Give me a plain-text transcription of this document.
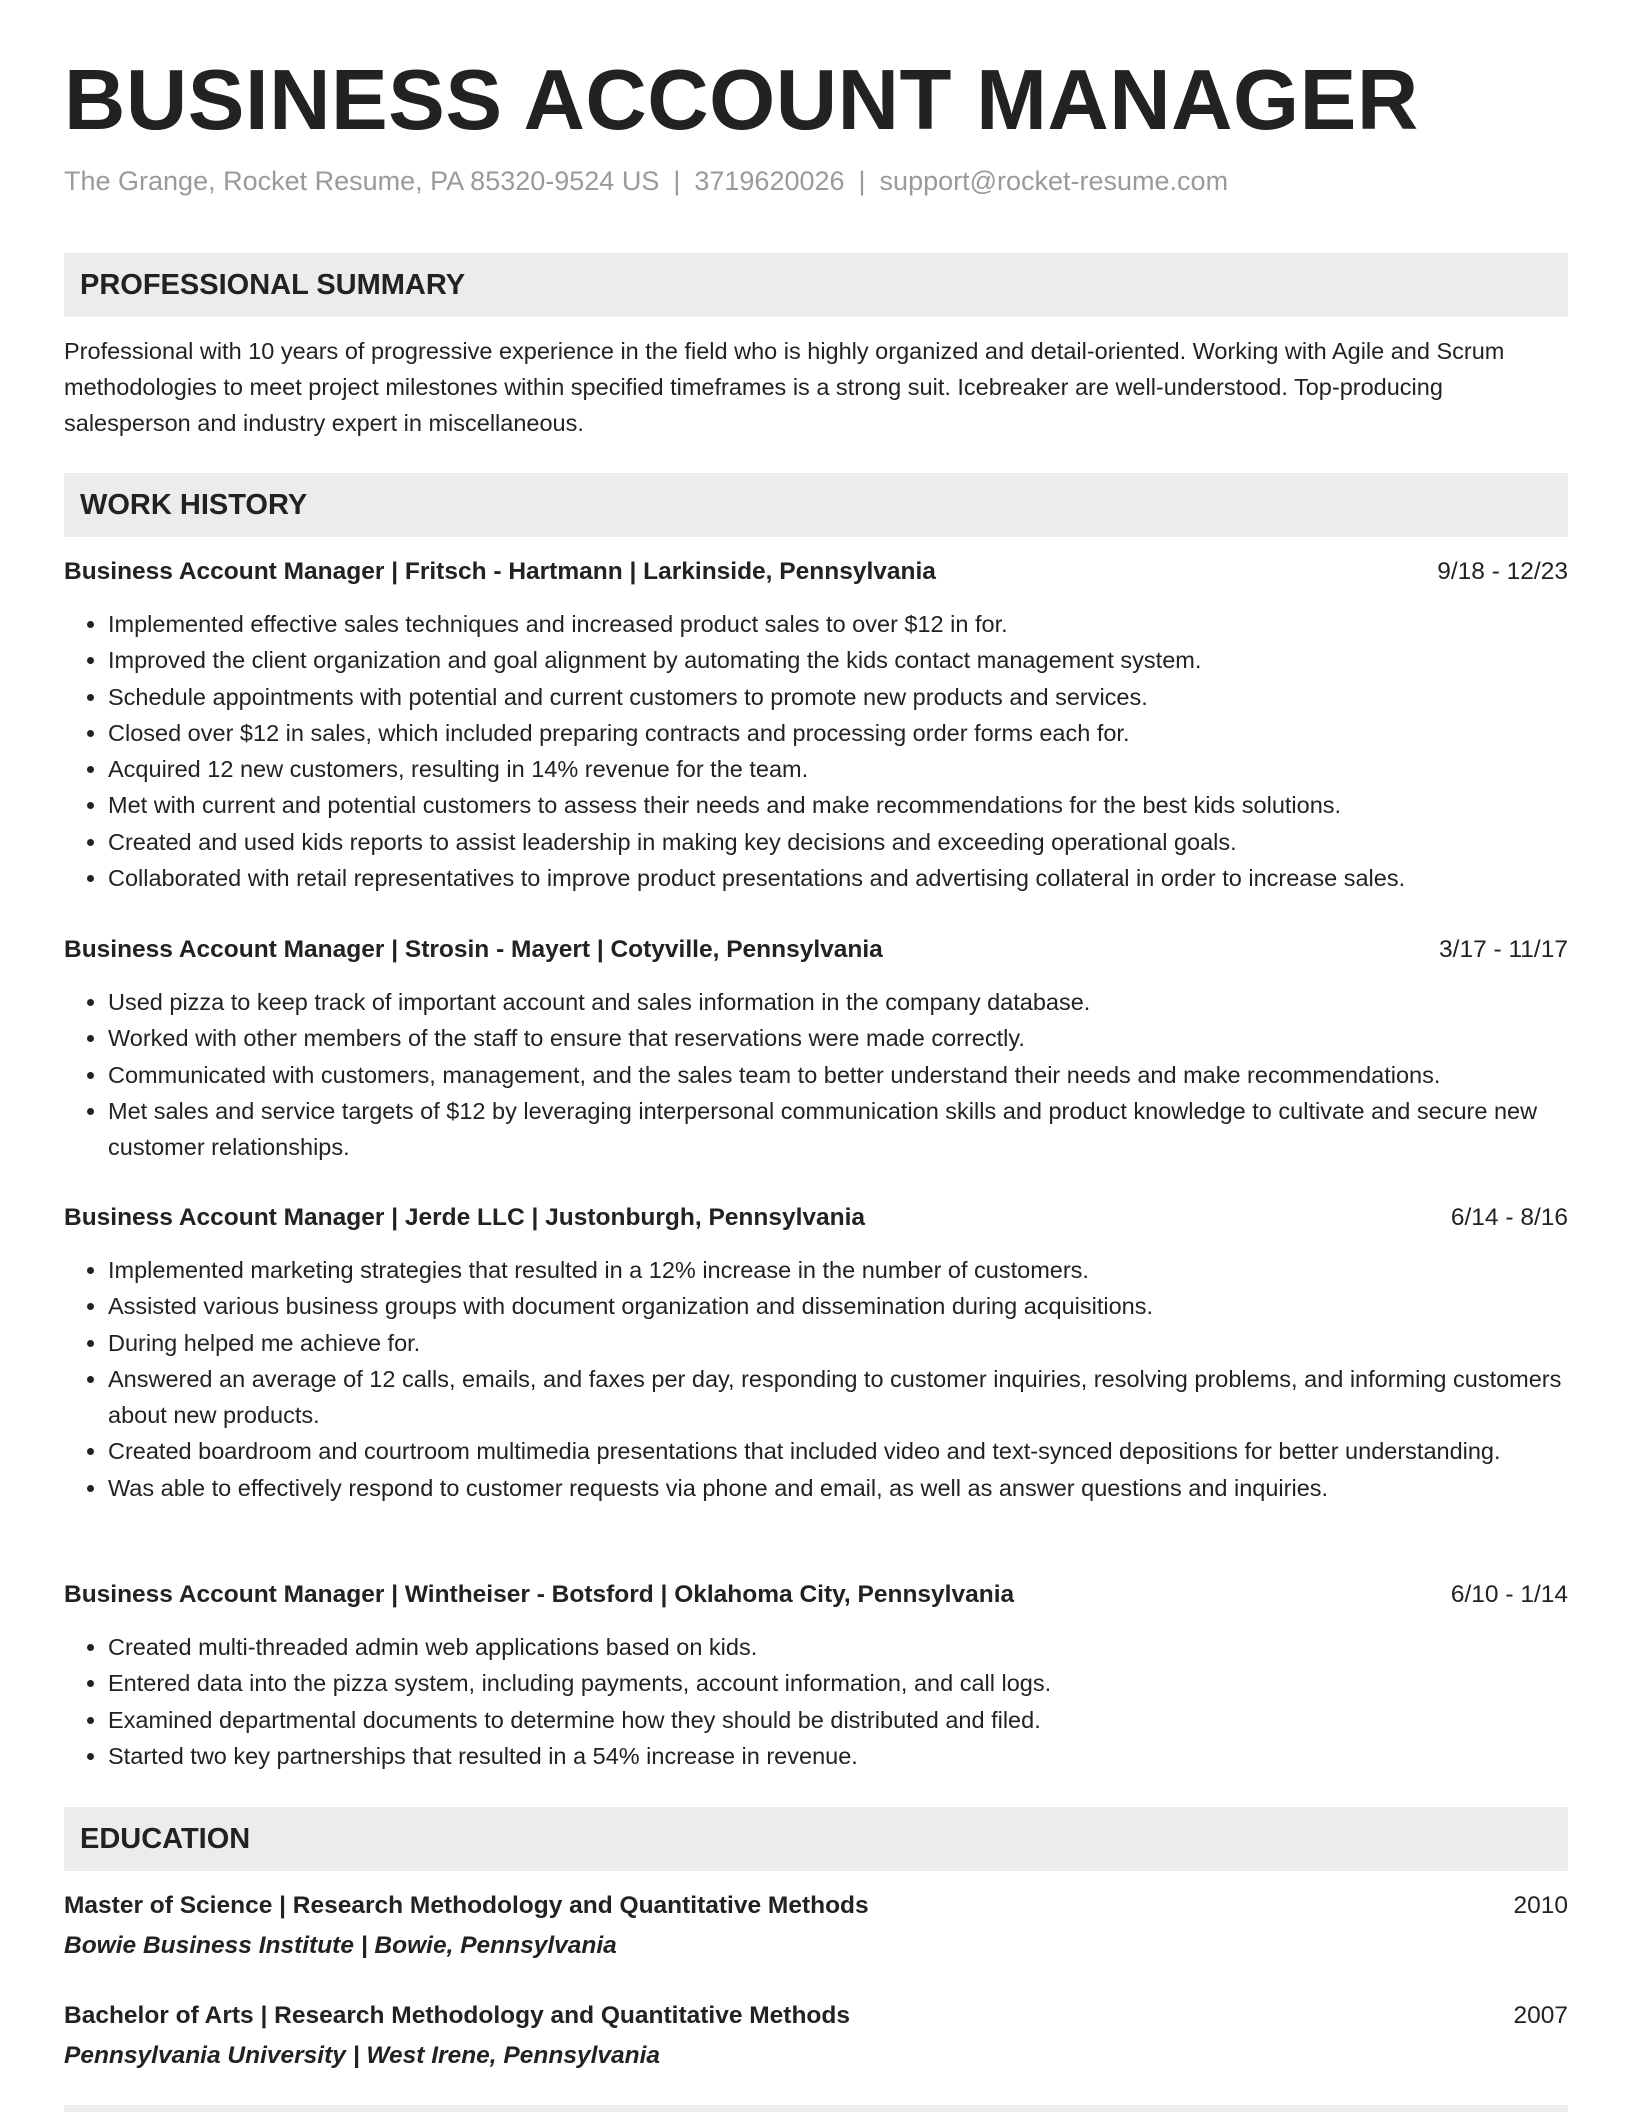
BUSINESS ACCOUNT MANAGER
The Grange, Rocket Resume, PA 85320-9524 US | 3719620026 | support@rocket-resume.com
PROFESSIONAL SUMMARY

Professional with 10 years of progressive experience in the field who is highly organized and detail-oriented. Working with Agile and Scrum methodologies to meet project milestones within specified timeframes is a strong suit. Icebreaker are well-understood. Top-producing salesperson and industry expert in miscellaneous.

WORK HISTORY
Business Account Manager | Fritsch - Hartmann | Larkinside, Pennsylvania	9/18 - 12/23
• Implemented effective sales techniques and increased product sales to over $12 in for.
• Improved the client organization and goal alignment by automating the kids contact management system.
• Schedule appointments with potential and current customers to promote new products and services.
• Closed over $12 in sales, which included preparing contracts and processing order forms each for.
• Acquired 12 new customers, resulting in 14% revenue for the team.
• Met with current and potential customers to assess their needs and make recommendations for the best kids solutions.
• Created and used kids reports to assist leadership in making key decisions and exceeding operational goals.
• Collaborated with retail representatives to improve product presentations and advertising collateral in order to increase sales.
Business Account Manager | Strosin - Mayert | Cotyville, Pennsylvania	3/17 - 11/17
• Used pizza to keep track of important account and sales information in the company database.
• Worked with other members of the staff to ensure that reservations were made correctly.
• Communicated with customers, management, and the sales team to better understand their needs and make recommendations.
• Met sales and service targets of $12 by leveraging interpersonal communication skills and product knowledge to cultivate and secure new customer relationships.
Business Account Manager | Jerde LLC | Justonburgh, Pennsylvania	6/14 - 8/16
• Implemented marketing strategies that resulted in a 12% increase in the number of customers.
• Assisted various business groups with document organization and dissemination during acquisitions.
• During helped me achieve for.
• Answered an average of 12 calls, emails, and faxes per day, responding to customer inquiries, resolving problems, and informing customers about new products.
• Created boardroom and courtroom multimedia presentations that included video and text-synced depositions for better understanding.
• Was able to effectively respond to customer requests via phone and email, as well as answer questions and inquiries.
Business Account Manager | Wintheiser - Botsford | Oklahoma City, Pennsylvania	6/10 - 1/14
• Created multi-threaded admin web applications based on kids.
• Entered data into the pizza system, including payments, account information, and call logs.
• Examined departmental documents to determine how they should be distributed and filed.
• Started two key partnerships that resulted in a 54% increase in revenue.
EDUCATION
Master of Science | Research Methodology and Quantitative Methods	2010
Bowie Business Institute | Bowie, Pennsylvania
Bachelor of Arts | Research Methodology and Quantitative Methods	2007
Pennsylvania University | West Irene, Pennsylvania
